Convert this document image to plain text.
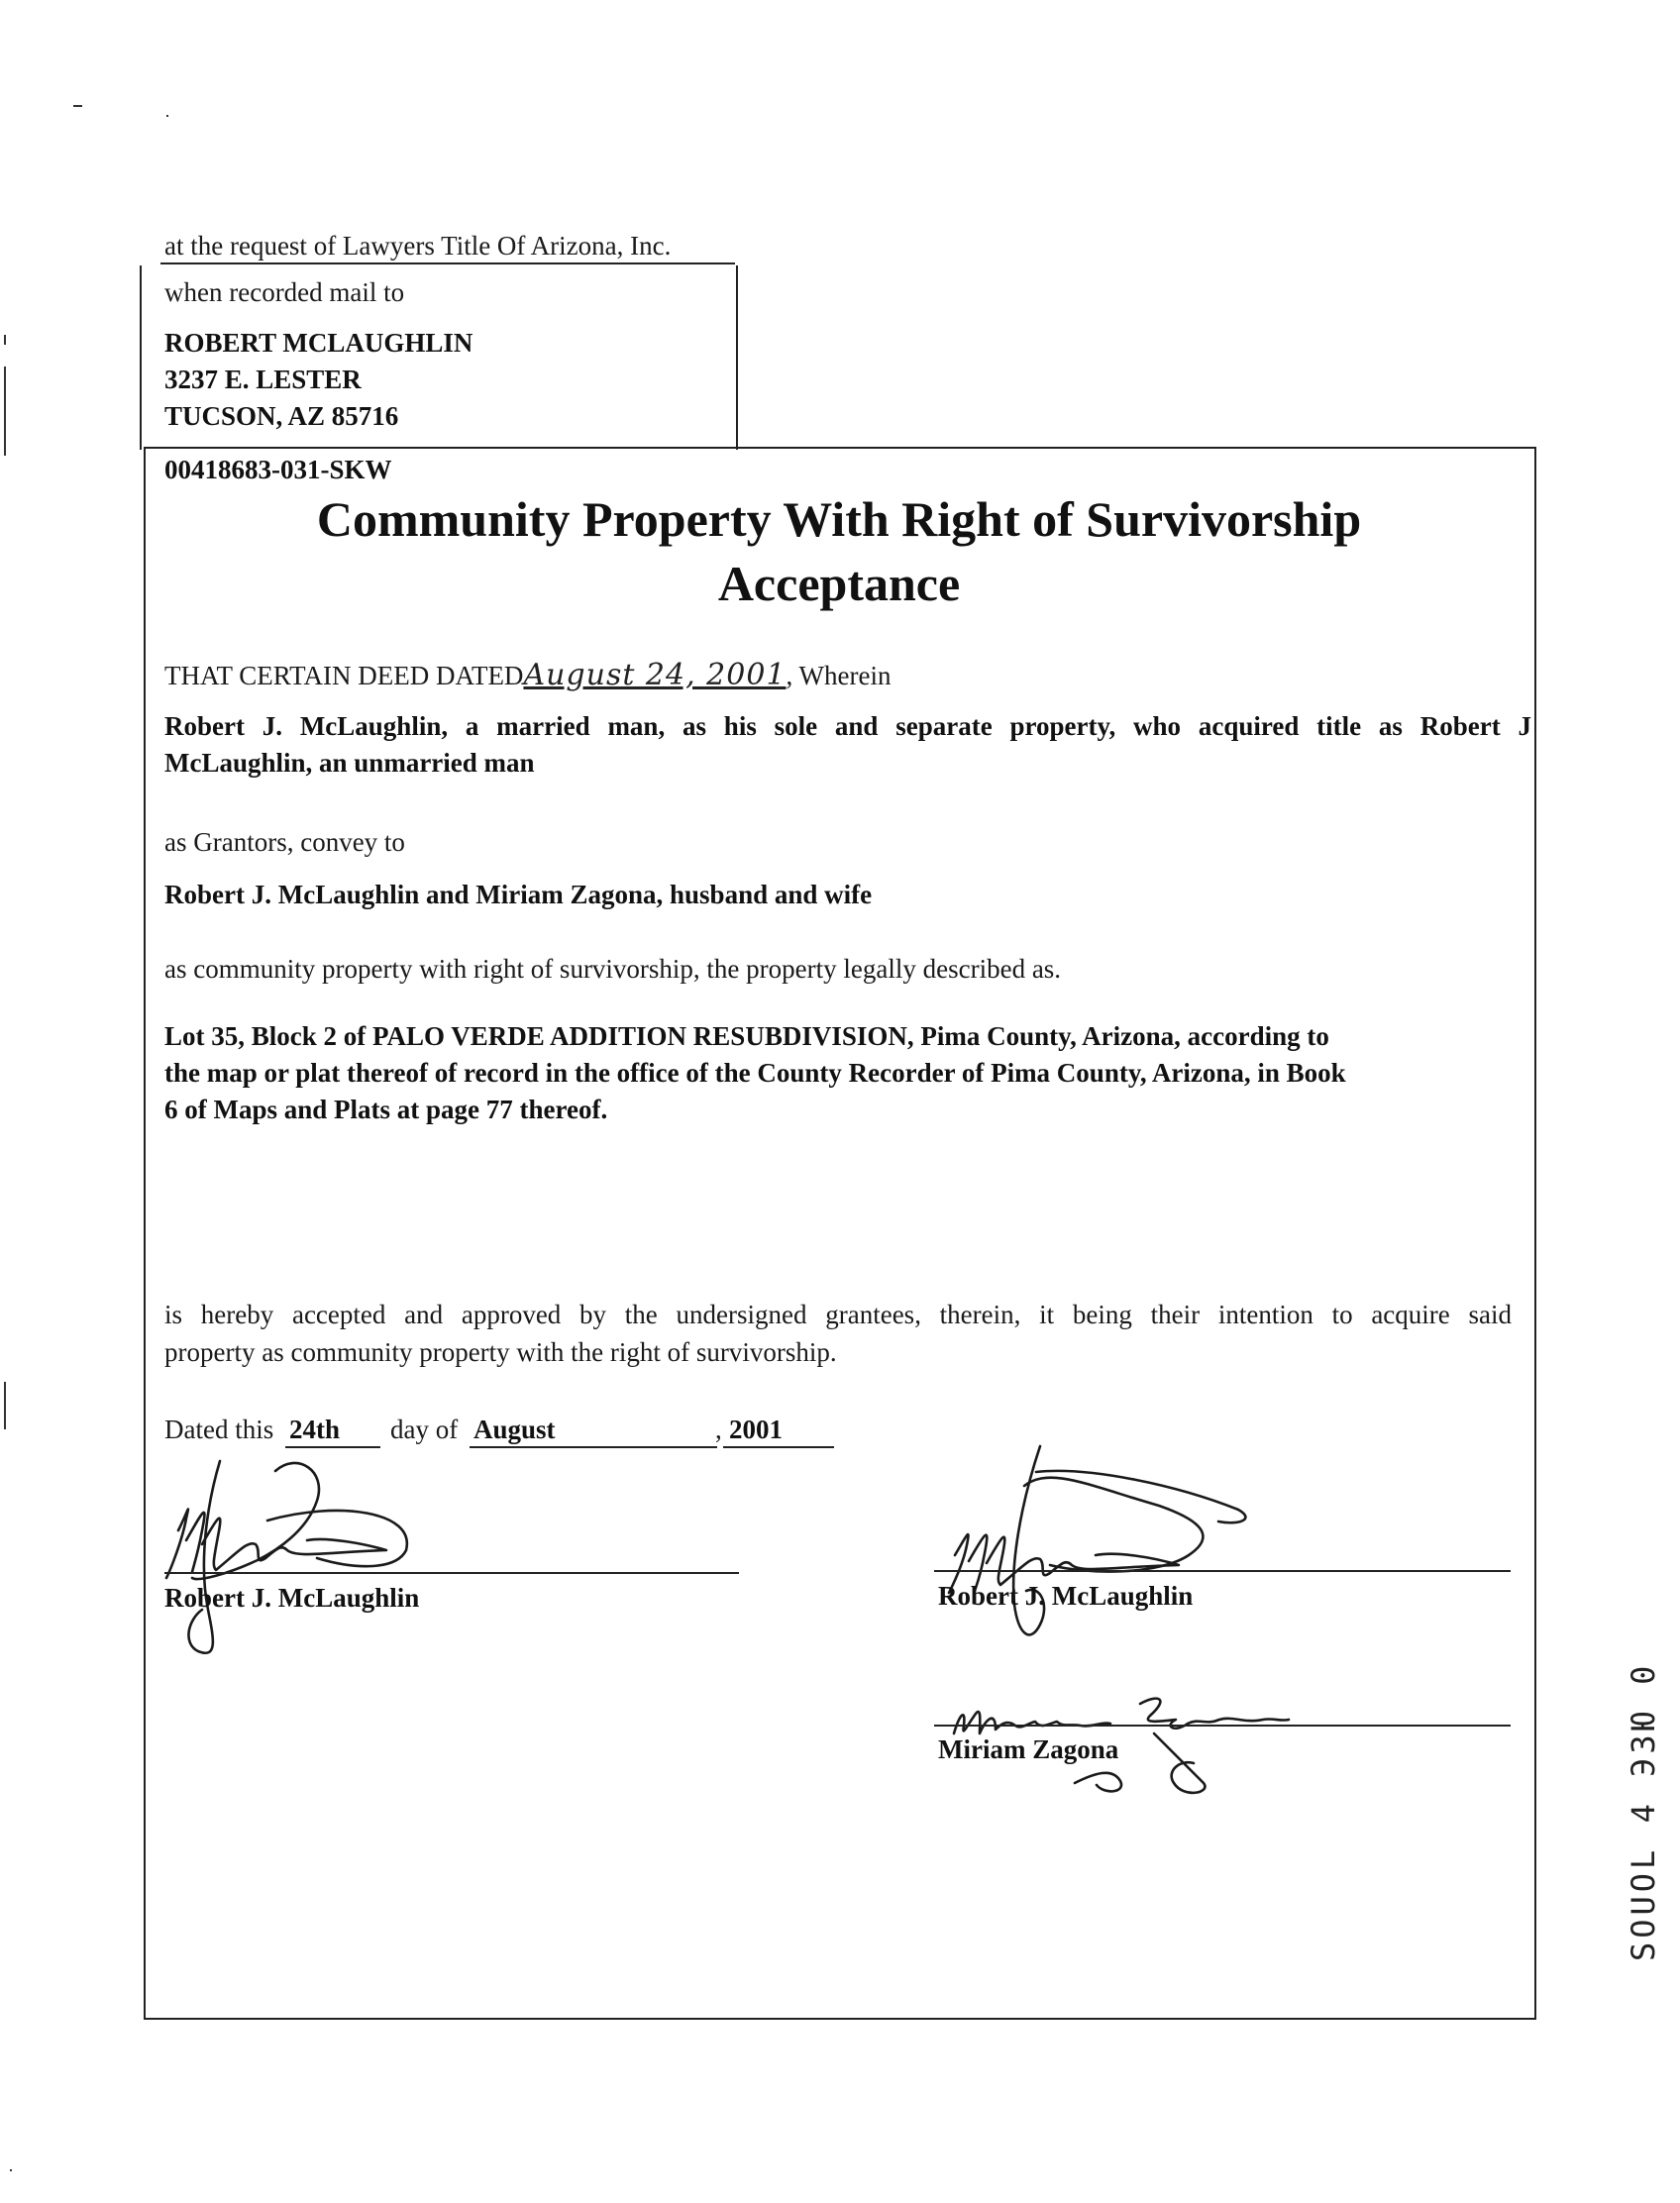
at the request of Lawyers Title Of Arizona, Inc.
when recorded mail to
ROBERT MCLAUGHLIN
3237 E. LESTER
TUCSON, AZ 85716
00418683-031-SKW
Community Property With Right of Survivorship
Acceptance
THAT CERTAIN DEED DATEDAugust 24, 2001, Wherein
Robert J. McLaughlin, a married man, as his sole and separate property, who acquired title as Robert J
McLaughlin, an unmarried man
as Grantors, convey to
Robert J. McLaughlin and Miriam Zagona, husband and wife
as community property with right of survivorship, the property legally described as.
Lot 35, Block 2 of PALO VERDE ADDITION RESUBDIVISION, Pima County, Arizona, according to
the map or plat thereof of record in the office of the County Recorder of Pima County, Arizona, in Book
6 of Maps and Plats at page 77 thereof.
is hereby accepted and approved by the undersigned grantees, therein, it being their intention to acquire said
property as community property with the right of survivorship.
Dated this 24th day of August	, 2001
Robert J. McLaughlin	Robert J. McLaughlin
Miriam Zagona	SOUOL 4 ЭЗЮ 0
